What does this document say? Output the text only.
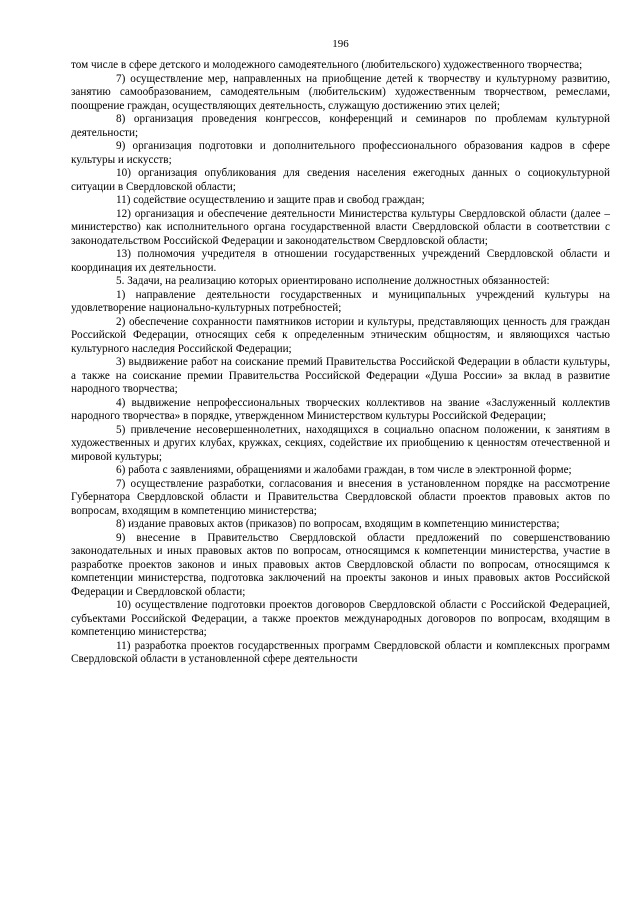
196

том числе в сфере детского и молодежного самодеятельного (любительского) художественного творчества;

7) осуществление мер, направленных на приобщение детей к творчеству и культурному развитию, занятию самообразованием, самодеятельным (любительским) художественным творчеством, ремеслами, поощрение граждан, осуществляющих деятельность, служащую достижению этих целей;

8) организация проведения конгрессов, конференций и семинаров по проблемам культурной деятельности;

9) организация подготовки и дополнительного профессионального образования кадров в сфере культуры и искусств;

10) организация опубликования для сведения населения ежегодных данных о социокультурной ситуации в Свердловской области;

11) содействие осуществлению и защите прав и свобод граждан;

12) организация и обеспечение деятельности Министерства культуры Свердловской области (далее – министерство) как исполнительного органа государственной власти Свердловской области в соответствии с законодательством Российской Федерации и законодательством Свердловской области;

13) полномочия учредителя в отношении государственных учреждений Свердловской области и координация их деятельности.

5. Задачи, на реализацию которых ориентировано исполнение должностных обязанностей:

1) направление деятельности государственных и муниципальных учреждений культуры на удовлетворение национально-культурных потребностей;

2) обеспечение сохранности памятников истории и культуры, представляющих ценность для граждан Российской Федерации, относящих себя к определенным этническим общностям, и являющихся частью культурного наследия Российской Федерации;

3) выдвижение работ на соискание премий Правительства Российской Федерации в области культуры, а также на соискание премии Правительства Российской Федерации «Душа России» за вклад в развитие народного творчества;

4) выдвижение непрофессиональных творческих коллективов на звание «Заслуженный коллектив народного творчества» в порядке, утвержденном Министерством культуры Российской Федерации;

5) привлечение несовершеннолетних, находящихся в социально опасном положении, к занятиям в художественных и других клубах, кружках, секциях, содействие их приобщению к ценностям отечественной и мировой культуры;

6) работа с заявлениями, обращениями и жалобами граждан, в том числе в электронной форме;

7) осуществление разработки, согласования и внесения в установленном порядке на рассмотрение Губернатора Свердловской области и Правительства Свердловской области проектов правовых актов по вопросам, входящим в компетенцию министерства;

8) издание правовых актов (приказов) по вопросам, входящим в компетенцию министерства;

9) внесение в Правительство Свердловской области предложений по совершенствованию законодательных и иных правовых актов по вопросам, относящимся к компетенции министерства, участие в разработке проектов законов и иных правовых актов Свердловской области по вопросам, относящимся к компетенции министерства, подготовка заключений на проекты законов и иных правовых актов Российской Федерации и Свердловской области;

10) осуществление подготовки проектов договоров Свердловской области с Российской Федерацией, субъектами Российской Федерации, а также проектов международных договоров по вопросам, входящим в компетенцию министерства;

11) разработка проектов государственных программ Свердловской области и комплексных программ Свердловской области в установленной сфере деятельности
